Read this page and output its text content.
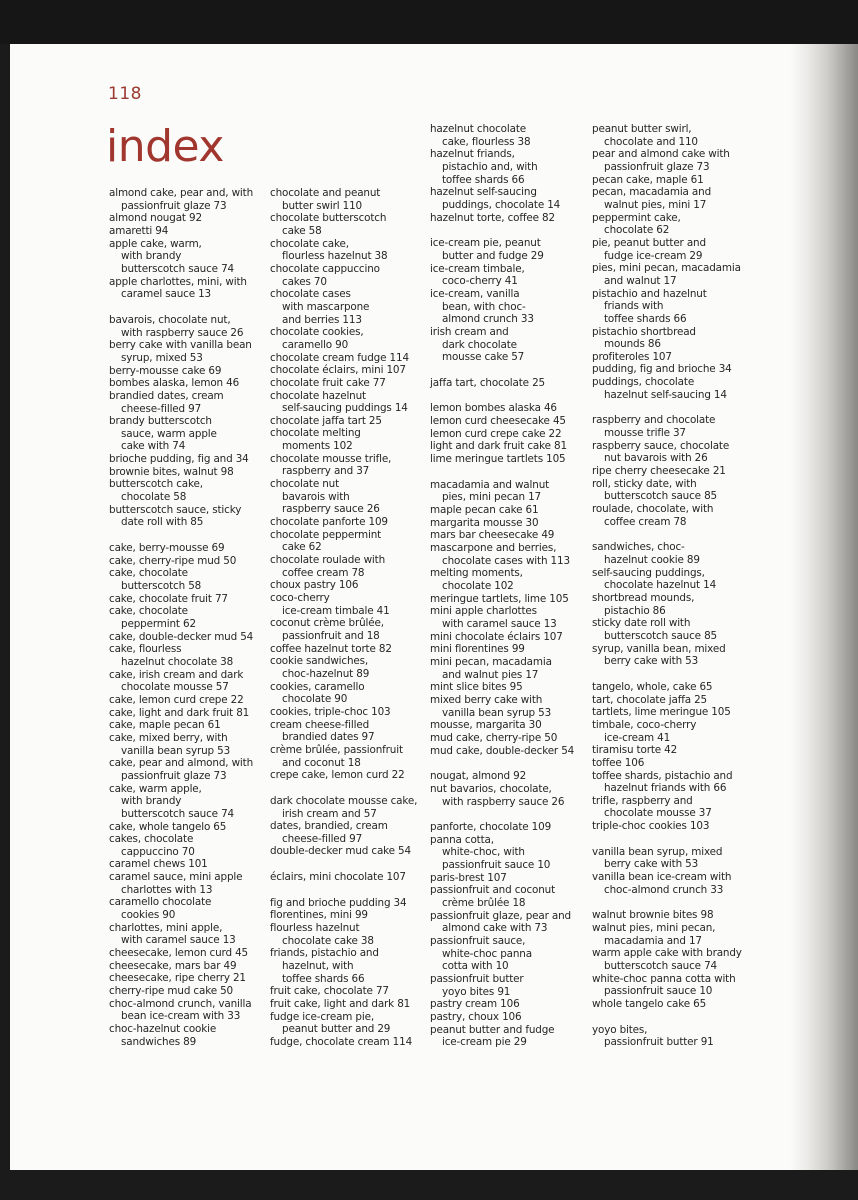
118
index
almond cake, pear and, with
passionfruit glaze 73
almond nougat 92
amaretti 94
apple cake, warm,
with brandy
butterscotch sauce 74
apple charlottes, mini, with
caramel sauce 13
bavarois, chocolate nut,
with raspberry sauce 26
berry cake with vanilla bean
syrup, mixed 53
berry-mousse cake 69
bombes alaska, lemon 46
brandied dates, cream
cheese-filled 97
brandy butterscotch
sauce, warm apple
cake with 74
brioche pudding, fig and 34
brownie bites, walnut 98
butterscotch cake,
chocolate 58
butterscotch sauce, sticky
date roll with 85
cake, berry-mousse 69
cake, cherry-ripe mud 50
cake, chocolate
butterscotch 58
cake, chocolate fruit 77
cake, chocolate
peppermint 62
cake, double-decker mud 54
cake, flourless
hazelnut chocolate 38
cake, irish cream and dark
chocolate mousse 57
cake, lemon curd crepe 22
cake, light and dark fruit 81
cake, maple pecan 61
cake, mixed berry, with
vanilla bean syrup 53
cake, pear and almond, with
passionfruit glaze 73
cake, warm apple,
with brandy
butterscotch sauce 74
cake, whole tangelo 65
cakes, chocolate
cappuccino 70
caramel chews 101
caramel sauce, mini apple
charlottes with 13
caramello chocolate
cookies 90
charlottes, mini apple,
with caramel sauce 13
cheesecake, lemon curd 45
cheesecake, mars bar 49
cheesecake, ripe cherry 21
cherry-ripe mud cake 50
choc-almond crunch, vanilla
bean ice-cream with 33
choc-hazelnut cookie
sandwiches 89
chocolate and peanut
butter swirl 110
chocolate butterscotch
cake 58
chocolate cake,
flourless hazelnut 38
chocolate cappuccino
cakes 70
chocolate cases
with mascarpone
and berries 113
chocolate cookies,
caramello 90
chocolate cream fudge 114
chocolate éclairs, mini 107
chocolate fruit cake 77
chocolate hazelnut
self-saucing puddings 14
chocolate jaffa tart 25
chocolate melting
moments 102
chocolate mousse trifle,
raspberry and 37
chocolate nut
bavarois with
raspberry sauce 26
chocolate panforte 109
chocolate peppermint
cake 62
chocolate roulade with
coffee cream 78
choux pastry 106
coco-cherry
ice-cream timbale 41
coconut crème brûlée,
passionfruit and 18
coffee hazelnut torte 82
cookie sandwiches,
choc-hazelnut 89
cookies, caramello
chocolate 90
cookies, triple-choc 103
cream cheese-filled
brandied dates 97
crème brûlée, passionfruit
and coconut 18
crepe cake, lemon curd 22
dark chocolate mousse cake,
irish cream and 57
dates, brandied, cream
cheese-filled 97
double-decker mud cake 54
éclairs, mini chocolate 107
fig and brioche pudding 34
florentines, mini 99
flourless hazelnut
chocolate cake 38
friands, pistachio and
hazelnut, with
toffee shards 66
fruit cake, chocolate 77
fruit cake, light and dark 81
fudge ice-cream pie,
peanut butter and 29
fudge, chocolate cream 114
hazelnut chocolate
cake, flourless 38
hazelnut friands,
pistachio and, with
toffee shards 66
hazelnut self-saucing
puddings, chocolate 14
hazelnut torte, coffee 82
ice-cream pie, peanut
butter and fudge 29
ice-cream timbale,
coco-cherry 41
ice-cream, vanilla
bean, with choc-
almond crunch 33
irish cream and
dark chocolate
mousse cake 57
jaffa tart, chocolate 25
lemon bombes alaska 46
lemon curd cheesecake 45
lemon curd crepe cake 22
light and dark fruit cake 81
lime meringue tartlets 105
macadamia and walnut
pies, mini pecan 17
maple pecan cake 61
margarita mousse 30
mars bar cheesecake 49
mascarpone and berries,
chocolate cases with 113
melting moments,
chocolate 102
meringue tartlets, lime 105
mini apple charlottes
with caramel sauce 13
mini chocolate éclairs 107
mini florentines 99
mini pecan, macadamia
and walnut pies 17
mint slice bites 95
mixed berry cake with
vanilla bean syrup 53
mousse, margarita 30
mud cake, cherry-ripe 50
mud cake, double-decker 54
nougat, almond 92
nut bavarios, chocolate,
with raspberry sauce 26
panforte, chocolate 109
panna cotta,
white-choc, with
passionfruit sauce 10
paris-brest 107
passionfruit and coconut
crème brûlée 18
passionfruit glaze, pear and
almond cake with 73
passionfruit sauce,
white-choc panna
cotta with 10
passionfruit butter
yoyo bites 91
pastry cream 106
pastry, choux 106
peanut butter and fudge
ice-cream pie 29
peanut butter swirl,
chocolate and 110
pear and almond cake with
passionfruit glaze 73
pecan cake, maple 61
pecan, macadamia and
walnut pies, mini 17
peppermint cake,
chocolate 62
pie, peanut butter and
fudge ice-cream 29
pies, mini pecan, macadamia
and walnut 17
pistachio and hazelnut
friands with
toffee shards 66
pistachio shortbread
mounds 86
profiteroles 107
pudding, fig and brioche 34
puddings, chocolate
hazelnut self-saucing 14
raspberry and chocolate
mousse trifle 37
raspberry sauce, chocolate
nut bavarois with 26
ripe cherry cheesecake 21
roll, sticky date, with
butterscotch sauce 85
roulade, chocolate, with
coffee cream 78
sandwiches, choc-
hazelnut cookie 89
self-saucing puddings,
chocolate hazelnut 14
shortbread mounds,
pistachio 86
sticky date roll with
butterscotch sauce 85
syrup, vanilla bean, mixed
berry cake with 53
tangelo, whole, cake 65
tart, chocolate jaffa 25
tartlets, lime meringue 105
timbale, coco-cherry
ice-cream 41
tiramisu torte 42
toffee 106
toffee shards, pistachio and
hazelnut friands with 66
trifle, raspberry and
chocolate mousse 37
triple-choc cookies 103
vanilla bean syrup, mixed
berry cake with 53
vanilla bean ice-cream with
choc-almond crunch 33
walnut brownie bites 98
walnut pies, mini pecan,
macadamia and 17
warm apple cake with brandy
butterscotch sauce 74
white-choc panna cotta with
passionfruit sauce 10
whole tangelo cake 65
yoyo bites,
passionfruit butter 91
